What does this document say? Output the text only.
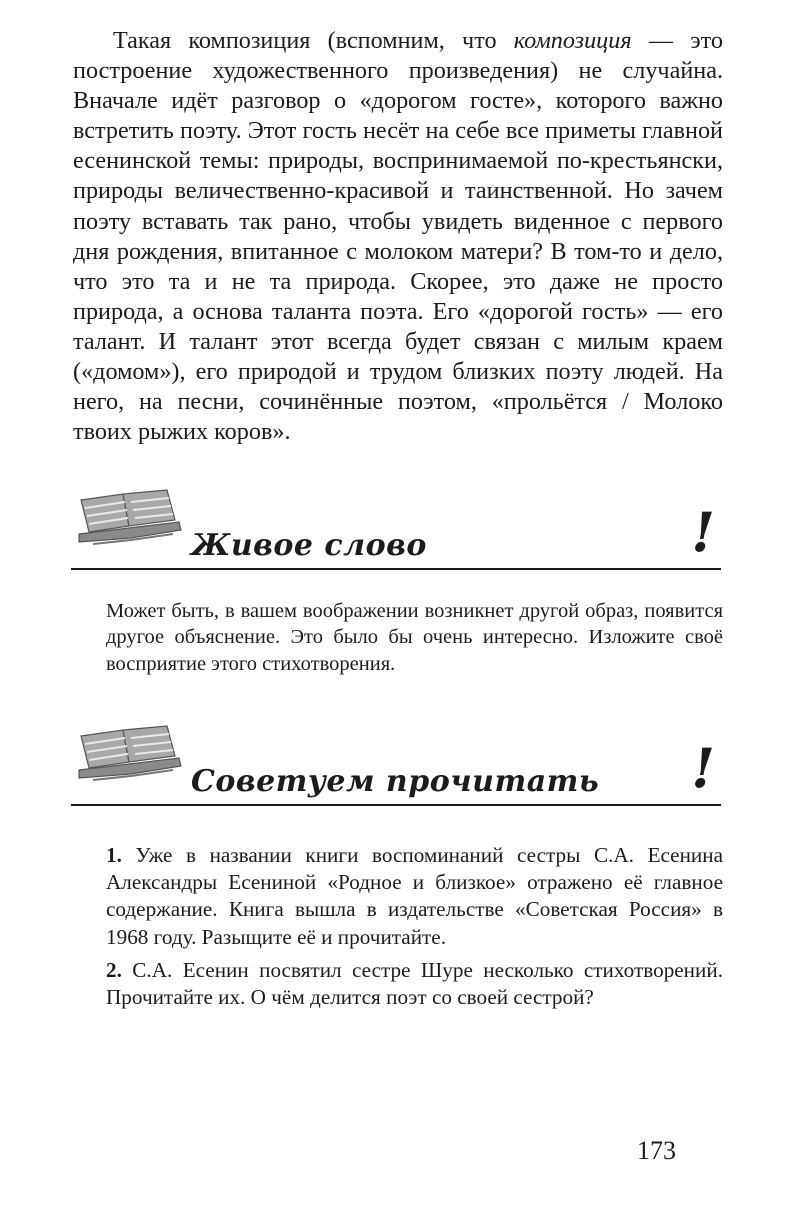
Такая композиция (вспомним, что композиция — это построение художественного произведения) не случайна. Вначале идёт разговор о «дорогом госте», которого важно встретить поэту. Этот гость несёт на себе все приметы главной есенинской темы: природы, воспринимаемой по-крестьянски, природы величественно-красивой и таинственной. Но зачем поэту вставать так рано, чтобы увидеть виденное с первого дня рождения, впитанное с молоком матери? В том-то и дело, что это та и не та природа. Скорее, это даже не просто природа, а основа таланта поэта. Его «дорогой гость» — его талант. И талант этот всегда будет связан с милым краем («домом»), его природой и трудом близких поэту людей. На него, на песни, сочинённые поэтом, «прольётся / Молоко твоих рыжих коров».

Живое слово	!

Может быть, в вашем воображении возникнет другой образ, появится другое объяснение. Это было бы очень интересно. Изложите своё восприятие этого стихотворения.

Советуем прочитать !
1. Уже в названии книги воспоминаний сестры С.А. Есенина Александры Есениной «Родное и близкое» отражено её главное содержание. Книга вышла в издательстве «Советская Россия» в 1968 году. Разыщите её и прочитайте.
2. С.А. Есенин посвятил сестре Шуре несколько стихотворений. Прочитайте их. О чём делится поэт со своей сестрой?
173
